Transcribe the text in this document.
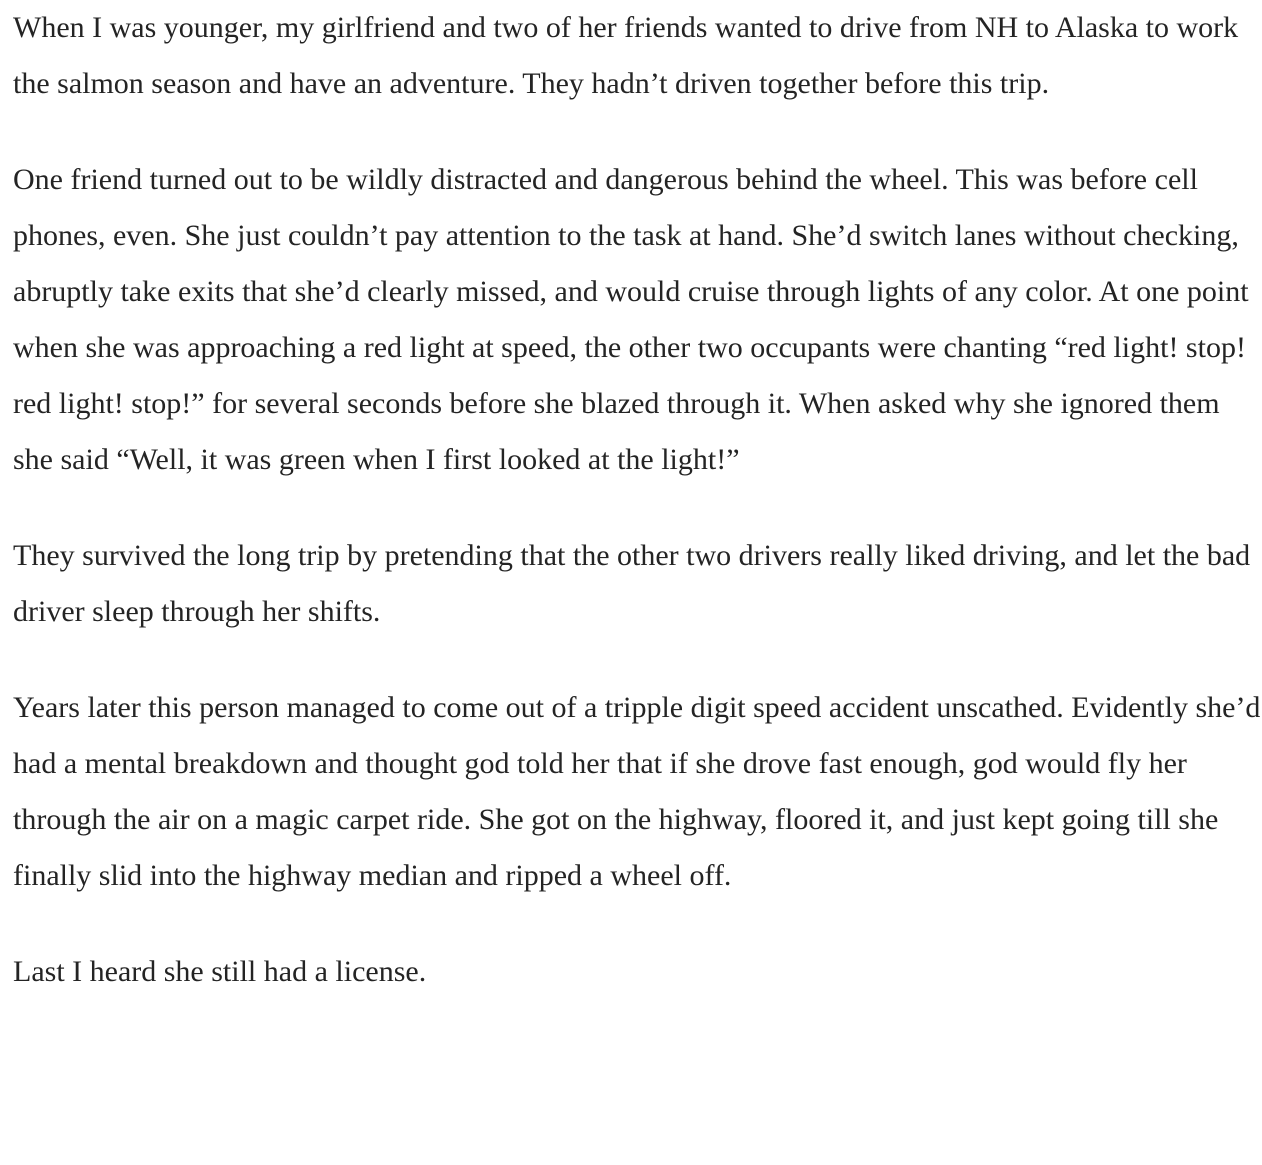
When I was younger, my girlfriend and two of her friends wanted to drive from NH to Alaska to work the salmon season and have an adventure. They hadn’t driven together before this trip.

One friend turned out to be wildly distracted and dangerous behind the wheel. This was before cell phones, even. She just couldn’t pay attention to the task at hand. She’d switch lanes without checking, abruptly take exits that she’d clearly missed, and would cruise through lights of any color. At one point when she was approaching a red light at speed, the other two occupants were chanting “red light! stop! red light! stop!” for several seconds before she blazed through it. When asked why she ignored them she said “Well, it was green when I first looked at the light!”

They survived the long trip by pretending that the other two drivers really liked driving, and let the bad driver sleep through her shifts.

Years later this person managed to come out of a tripple digit speed accident unscathed. Evidently she’d had a mental breakdown and thought god told her that if she drove fast enough, god would fly her through the air on a magic carpet ride. She got on the highway, floored it, and just kept going till she finally slid into the highway median and ripped a wheel off.

Last I heard she still had a license.
